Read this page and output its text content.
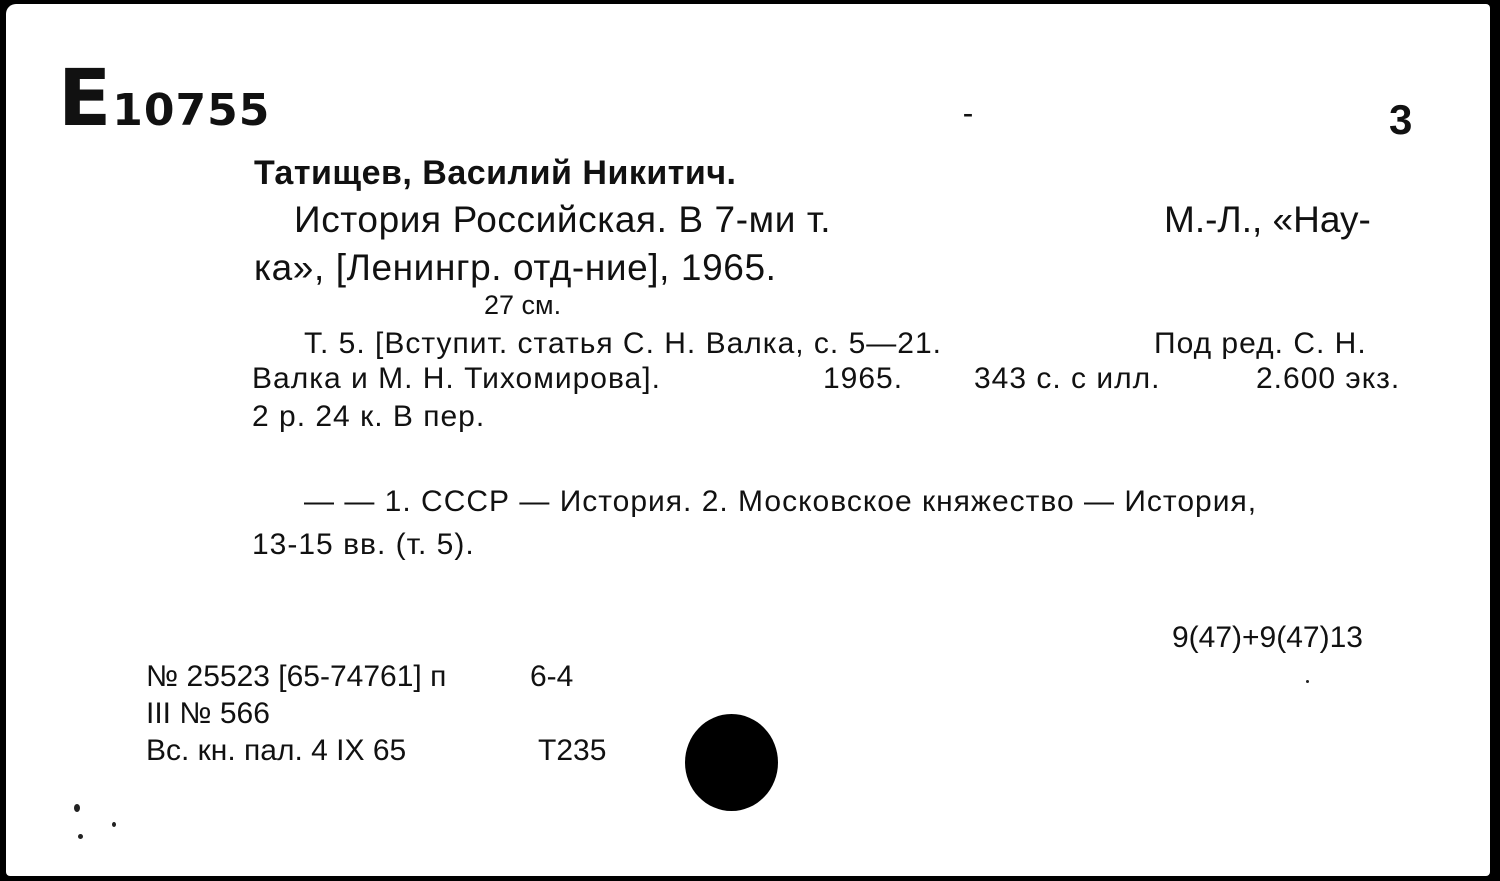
E10755	-	3
Татищев, Василий Никитич.
История Российская. В 7-ми т.	М.-Л., «Нау-
ка», [Ленингр. отд-ние], 1965.
27 см.
Т. 5. [Вступит. статья С. Н. Валка, с. 5—21.	Под ред. С. Н.
Валка и М. Н. Тихомирова].	1965. 343 с. с илл.	2.600 экз.
2 р. 24 к. В пер.
— — 1. СССР — История. 2. Московское княжество — История,
13-15 вв. (т. 5).
9(47)+9(47)13
№ 25523 [65-74761] п	6-4
III № 566
Вс. кн. пал. 4 IX 65	Т235
